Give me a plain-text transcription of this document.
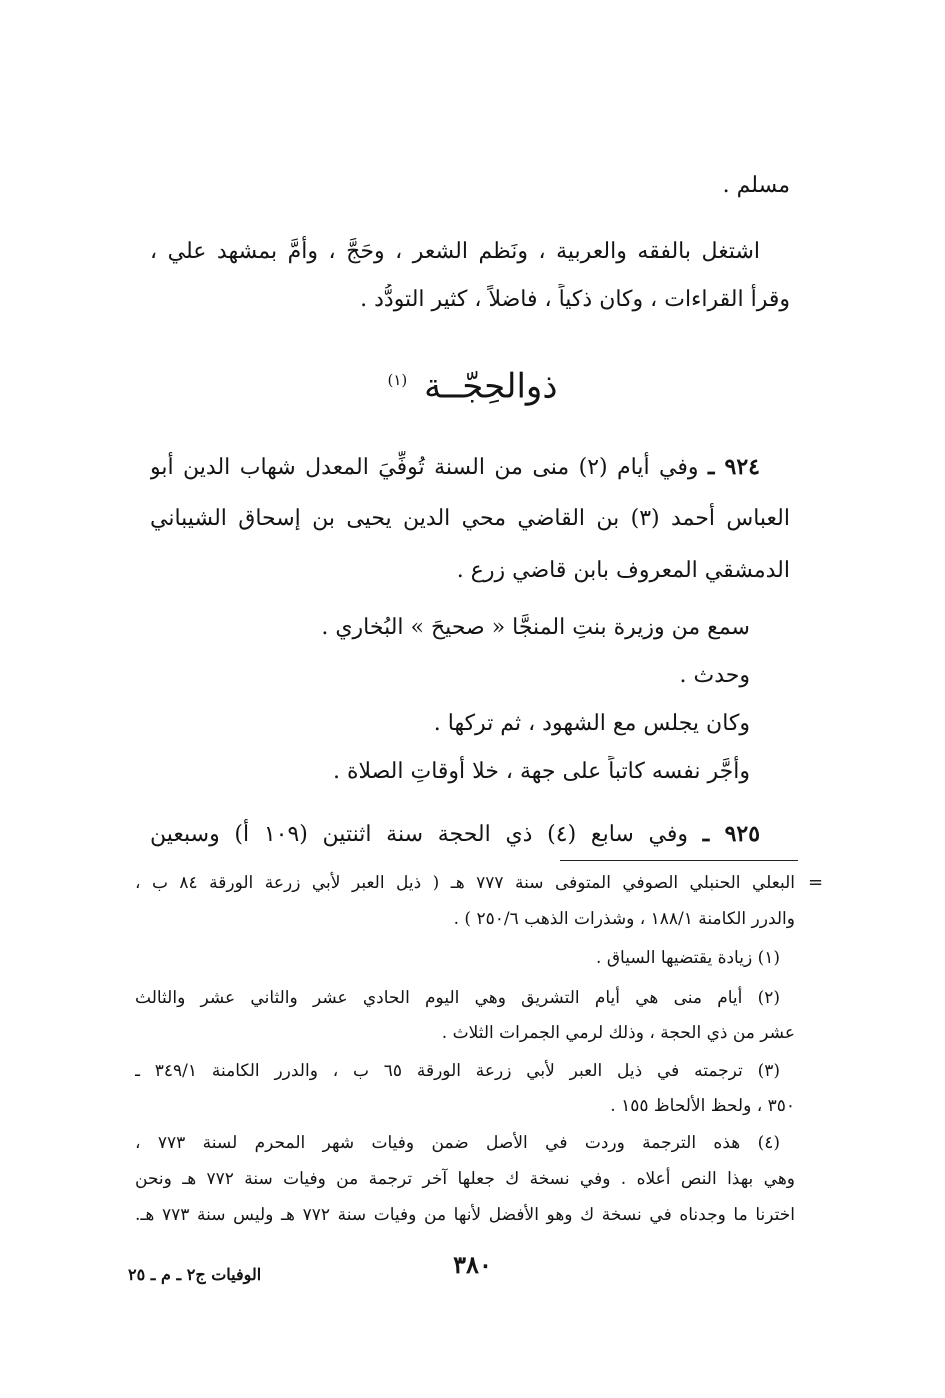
مسلم .
اشتغل بالفقه والعربية ، ونَظم الشعر ، وحَجَّ ، وأمَّ بمشهد علي ،
وقرأ القراءات ، وكان ذكياً ، فاضلاً ، كثير التودُّد .
ذوالحِجّــة $^{(١)}$
٩٢٤ ـ وفي أيام (٢) منى من السنة تُوفِّيَ المعدل شهاب الدين أبو
العباس أحمد (٣) بن القاضي محي الدين يحيى بن إسحاق الشيباني
الدمشقي المعروف بابن قاضي زرع .
سمع من وزيرة بنتِ المنجَّا « صحيحَ » البُخاري .
وحدث .
وكان يجلس مع الشهود ، ثم تركها .
وأجَّر نفسه كاتباً على جهة ، خلا أوقاتِ الصلاة .
٩٢٥ ـ وفي سابع (٤) ذي الحجة سنة اثنتين (١٠٩ أ) وسبعين
=
البعلي الحنبلي الصوفي المتوفى سنة ٧٧٧ هـ ( ذيل العبر لأبي زرعة الورقة ٨٤ ب ،
والدرر الكامنة ١٨٨/١ ، وشذرات الذهب ٢٥٠/٦ ) .
(١) زيادة يقتضيها السياق .
(٢) أيام منى هي أيام التشريق وهي اليوم الحادي عشر والثاني عشر والثالث
عشر من ذي الحجة ، وذلك لرمي الجمرات الثلاث .
(٣) ترجمته في ذيل العبر لأبي زرعة الورقة ٦٥ ب ، والدرر الكامنة ٣٤٩/١ ـ
٣٥٠ ، ولحظ الألحاظ ١٥٥ .
(٤) هذه الترجمة وردت في الأصل ضمن وفيات شهر المحرم لسنة ٧٧٣ ،
وهي بهذا النص أعلاه . وفي نسخة ك جعلها آخر ترجمة من وفيات سنة ٧٧٢ هـ ونحن
اخترنا ما وجدناه في نسخة ك وهو الأفضل لأنها من وفيات سنة ٧٧٢ هـ وليس سنة ٧٧٣ هـ.
٣٨٠
الوفيات ج٢ ـ م ـ ٢٥
